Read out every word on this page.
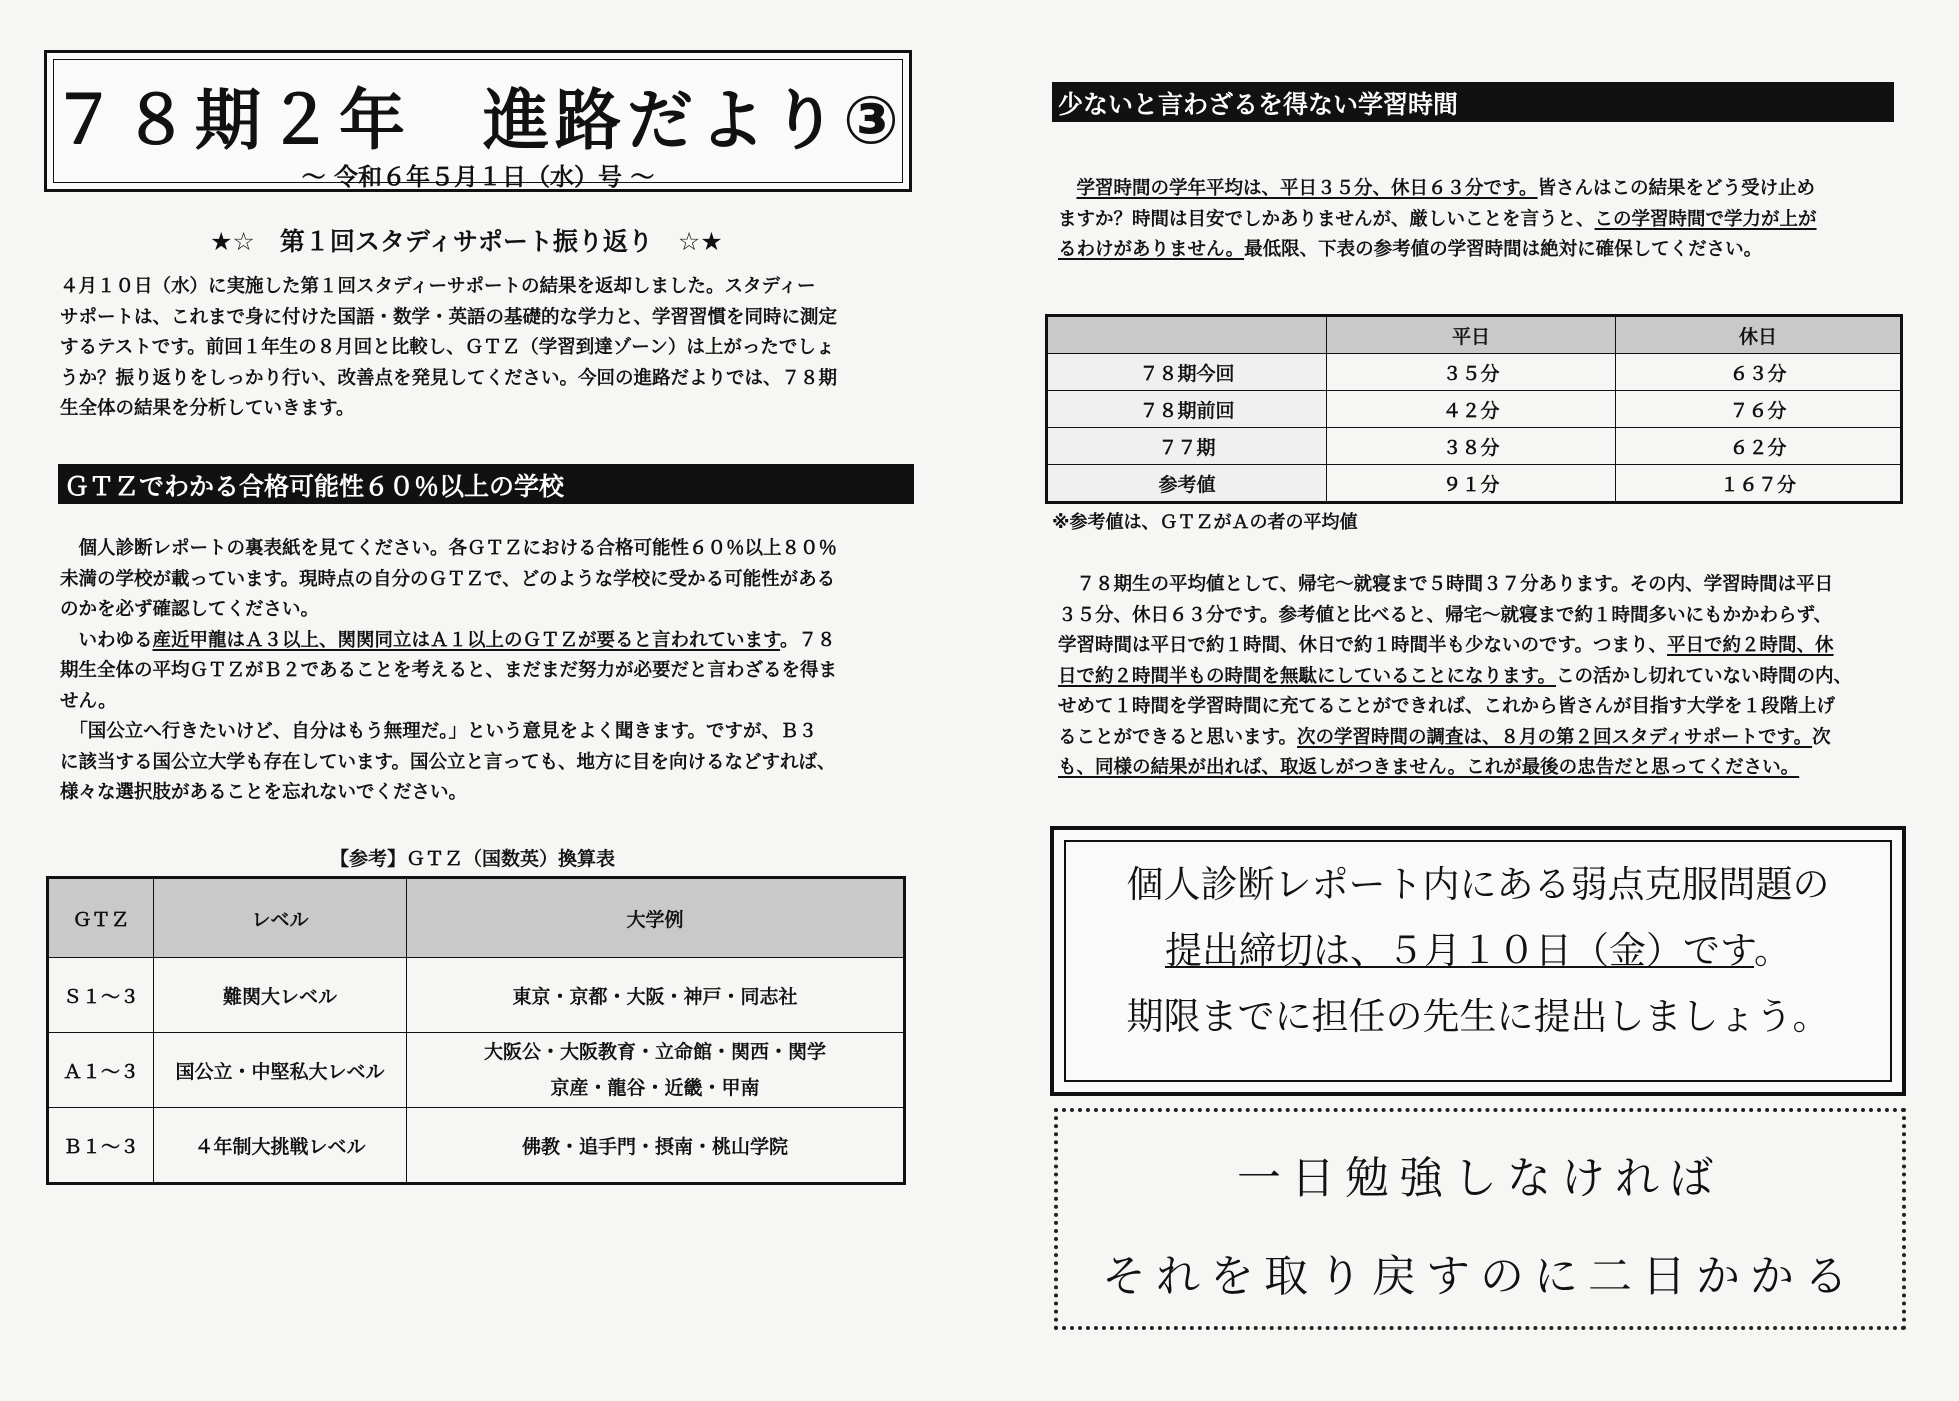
７８期２年　進路だより③
～ 令和６年５月１日（水）号 ～
★☆　第１回スタディサポート振り返り　☆★

４月１０日（水）に実施した第１回スタディーサポートの結果を返却しました。スタディー

サポートは、これまで身に付けた国語・数学・英語の基礎的な学力と、学習習慣を同時に測定

するテストです。前回１年生の８月回と比較し、ＧＴＺ（学習到達ゾーン）は上がったでしょ

うか？振り返りをしっかり行い、改善点を発見してください。今回の進路だよりでは、７８期

生全体の結果を分析していきます。

ＧＴＺでわかる合格可能性６０％以上の学校

　個人診断レポートの裏表紙を見てください。各ＧＴＺにおける合格可能性６０％以上８０％

未満の学校が載っています。現時点の自分のＧＴＺで、どのような学校に受かる可能性がある

のかを必ず確認してください。

　いわゆる産近甲龍はＡ３以上、関関同立はＡ１以上のＧＴＺが要ると言われています。７８

期生全体の平均ＧＴＺがＢ２であることを考えると、まだまだ努力が必要だと言わざるを得ま

せん。

　「国公立へ行きたいけど、自分はもう無理だ。」という意見をよく聞きます。ですが、Ｂ３

に該当する国公立大学も存在しています。国公立と言っても、地方に目を向けるなどすれば、

様々な選択肢があることを忘れないでください。

【参考】ＧＴＺ（国数英）換算表
ＧＴＺ	レベル	大学例
Ｓ１～３	難関大レベル	東京・京都・大阪・神戸・同志社
Ａ１～３	国公立・中堅私大レベル	大阪公・大阪教育・立命館・関西・関学
京産・龍谷・近畿・甲南

Ｂ１～３	４年制大挑戦レベル	佛教・追手門・摂南・桃山学院
少ないと言わざるを得ない学習時間

　学習時間の学年平均は、平日３５分、休日６３分です。皆さんはこの結果をどう受け止め

ますか？時間は目安でしかありませんが、厳しいことを言うと、この学習時間で学力が上が

るわけがありません。最低限、下表の参考値の学習時間は絶対に確保してください。

	平日	休日
７８期今回	３５分	６３分
７８期前回	４２分	７６分
７７期	３８分	６２分
参考値	９１分	１６７分
※参考値は、ＧＴＺがＡの者の平均値

　７８期生の平均値として、帰宅～就寝まで５時間３７分あります。その内、学習時間は平日

３５分、休日６３分です。参考値と比べると、帰宅～就寝まで約１時間多いにもかかわらず、

学習時間は平日で約１時間、休日で約１時間半も少ないのです。つまり、平日で約２時間、休

日で約２時間半もの時間を無駄にしていることになります。この活かし切れていない時間の内、

せめて１時間を学習時間に充てることができれば、これから皆さんが目指す大学を１段階上げ

ることができると思います。次の学習時間の調査は、８月の第２回スタディサポートです。次

も、同様の結果が出れば、取返しがつきません。これが最後の忠告だと思ってください。

個人診断レポート内にある弱点克服問題の
提出締切は、５月１０日（金）です。
期限までに担任の先生に提出しましょう。
一日勉強しなければ
それを取り戻すのに二日かかる
